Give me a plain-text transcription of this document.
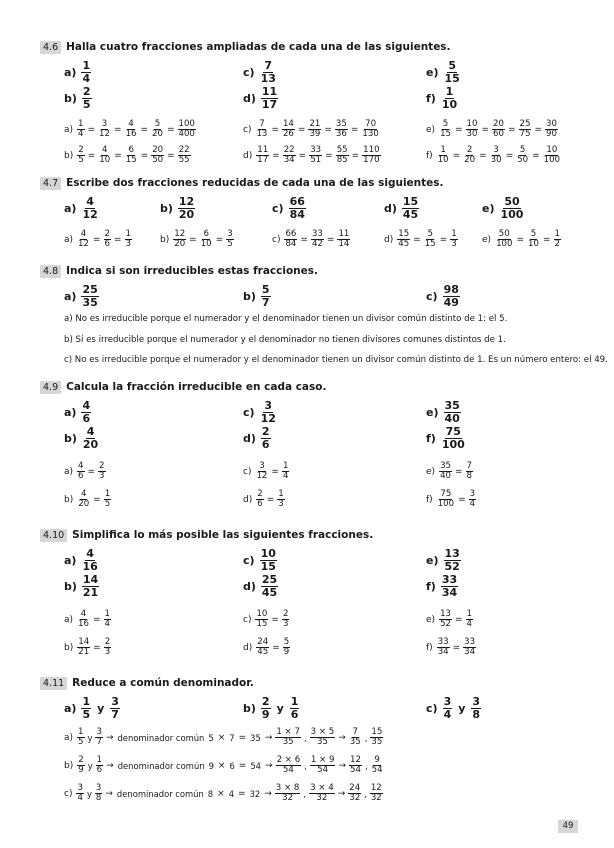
4.6 Halla cuatro fracciones ampliadas de cada una de las siguientes.
$a) \frac{1}{4}$
$b) \frac{2}{5}$
$c) \frac{7}{13}$
$d) \frac{11}{17}$
$e) \frac{5}{15}$
$f) \frac{1}{10}$
$a) \frac{1}{4} = \frac{3}{12} = \frac{4}{16} = \frac{5}{20} = \frac{100}{400}$
$b) \frac{2}{5} = \frac{4}{10} = \frac{6}{15} = \frac{20}{50} = \frac{22}{55}$
$c) \frac{7}{13} = \frac{14}{26} = \frac{21}{39} = \frac{35}{36} = \frac{70}{130}$
$d) \frac{11}{17} = \frac{22}{34} = \frac{33}{51} = \frac{55}{85} = \frac{110}{170}$
$e) \frac{5}{15} = \frac{10}{30} = \frac{20}{60} = \frac{25}{75} = \frac{30}{90}$
$f) \frac{1}{10} = \frac{2}{20} = \frac{3}{30} = \frac{5}{50} = \frac{10}{100}$
4.7 Escribe dos fracciones reducidas de cada una de las siguientes.
$a) \frac{4}{12}$	$b) \frac{12}{20}$	$c) \frac{66}{84}$	$d) \frac{15}{45}$	$e) \frac{50}{100}$
$a) \frac{4}{12} = \frac{2}{6} = \frac{1}{3}$	$b) \frac{12}{20} = \frac{6}{10} = \frac{3}{5}$	$c) \frac{66}{84} = \frac{33}{42} = \frac{11}{14}$	$d) \frac{15}{45} = \frac{5}{15} = \frac{1}{3}$	$e) \frac{50}{100} = \frac{5}{10} = \frac{1}{2}$
4.8 Indica si son irreducibles estas fracciones.
$a) \frac{25}{35}$	$b) \frac{5}{7}$	$c) \frac{98}{49}$
a) No es irreducible porque el numerador y el denominador tienen un divisor común distinto de 1: el 5.
b) Sí es irreducible porque el numerador y el denominador no tienen divisores comunes distintos de 1.
c) No es irreducible porque el numerador y el denominador tienen un divisor común distinto de 1. Es un número entero: el 49.
4.9 Calcula la fracción irreducible en cada caso.
$a) \frac{4}{6}$
$b) \frac{4}{20}$
$c) \frac{3}{12}$
$d) \frac{2}{6}$
$e) \frac{35}{40}$
$f) \frac{75}{100}$
$a) \frac{4}{6} = \frac{2}{3}$
$b) \frac{4}{20} = \frac{1}{5}$
$c) \frac{3}{12} = \frac{1}{4}$
$d) \frac{2}{6} = \frac{1}{3}$
$e) \frac{35}{40} = \frac{7}{8}$
$f) \frac{75}{100} = \frac{3}{4}$
4.10 Simplifica lo más posible las siguientes fracciones.
$a) \frac{4}{16}$
$b) \frac{14}{21}$
$c) \frac{10}{15}$
$d) \frac{25}{45}$
$e) \frac{13}{52}$
$f) \frac{33}{34}$
$a) \frac{4}{16} = \frac{1}{4}$
$b) \frac{14}{21} = \frac{2}{3}$
$c) \frac{10}{15} = \frac{2}{3}$
$d) \frac{24}{45} = \frac{5}{9}$
$e) \frac{13}{52} = \frac{1}{4}$
$f) \frac{33}{34} = \frac{33}{34}$
4.11 Reduce a común denominador.
$a) \frac{1}{5}$ y $\frac{3}{7}$	$b) \frac{2}{9}$ y $\frac{1}{6}$	$c) \frac{3}{4}$ y $\frac{3}{8}$
$a) \frac{1}{5}$ y $\frac{3}{7}$ → denominador común $5 \times 7 = 35 \to \frac{1 \times 7}{35}$ , $\frac{3 \times 5}{35} \to \frac{7}{35}$ , $\frac{15}{35}$
$b) \frac{2}{9}$ y $\frac{1}{6}$ → denominador común $9 \times 6 = 54 \to \frac{2 \times 6}{54}$ , $\frac{1 \times 9}{54} \to \frac{12}{54}$ , $\frac{9}{54}$
$c) \frac{3}{4}$ y $\frac{3}{8}$ → denominador común $8 \times 4 = 32 \to \frac{3 \times 8}{32}$ , $\frac{3 \times 4}{32} \to \frac{24}{32}$ , $\frac{12}{32}$
49
